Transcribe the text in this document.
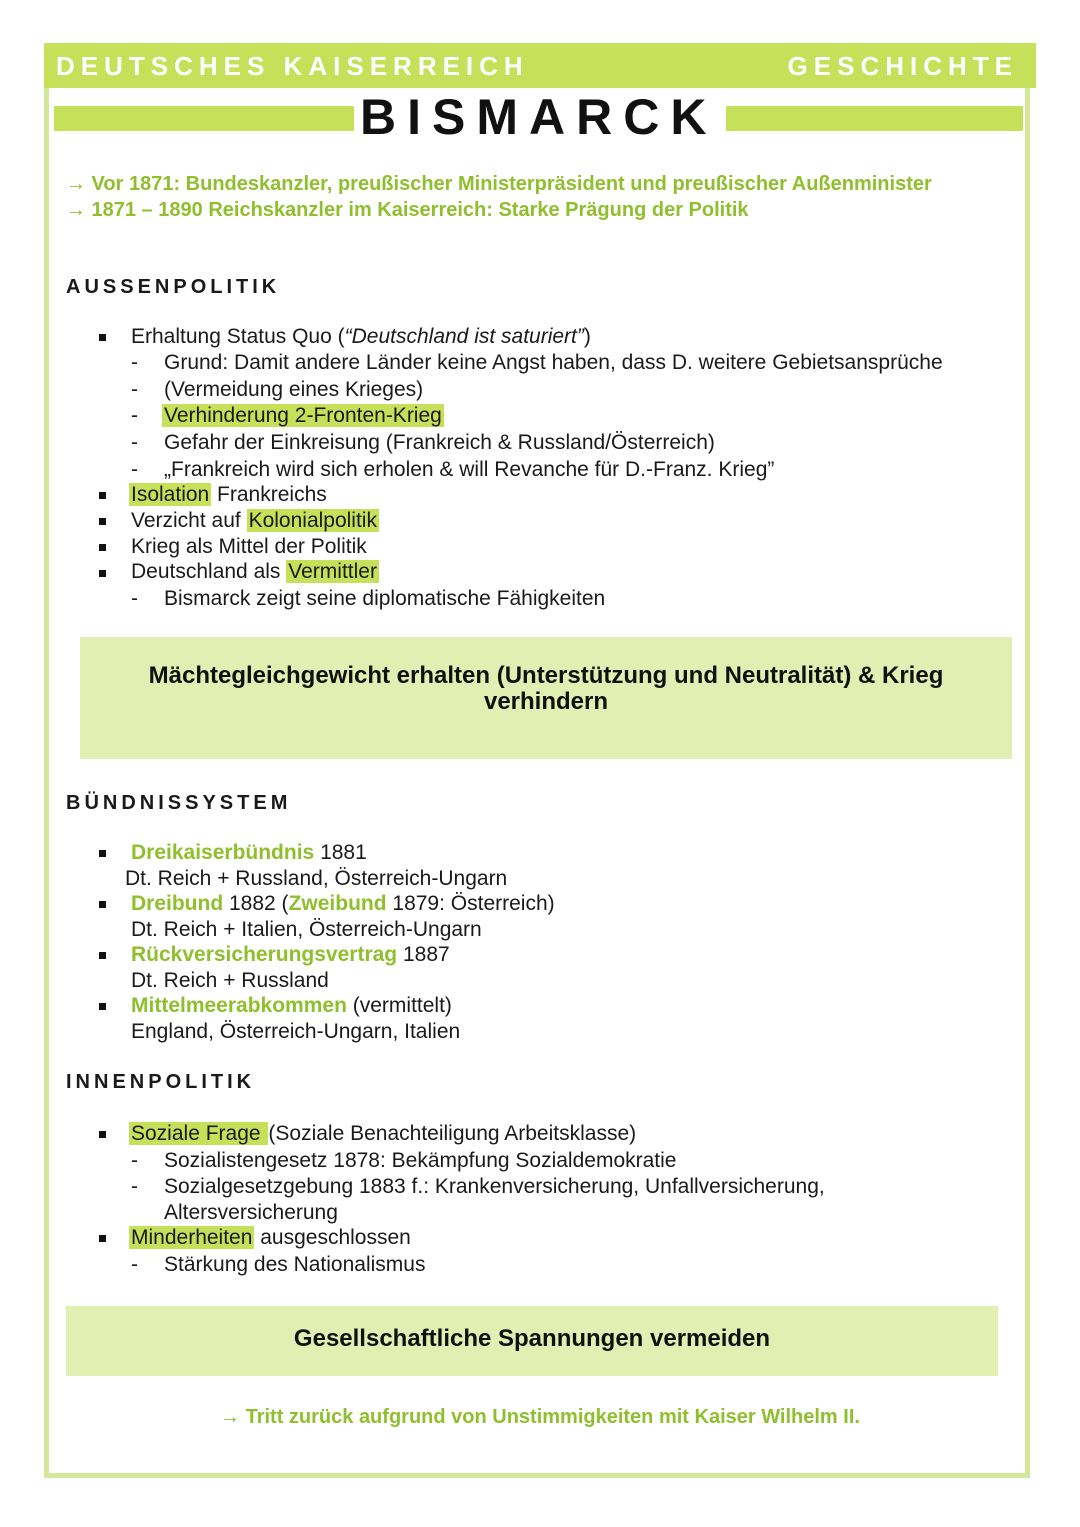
DEUTSCHES KAISERREICH	GESCHICHTE
BISMARCK
→ Vor 1871: Bundeskanzler, preußischer Ministerpräsident und preußischer Außenminister
→ 1871 – 1890 Reichskanzler im Kaiserreich: Starke Prägung der Politik
AUSSENPOLITIK
Erhaltung Status Quo (“Deutschland ist saturiert”)
- Grund: Damit andere Länder keine Angst haben, dass D. weitere Gebietsansprüche
- (Vermeidung eines Krieges)
- Verhinderung 2-Fronten-Krieg
- Gefahr der Einkreisung (Frankreich & Russland/Österreich)
- „Frankreich wird sich erholen & will Revanche für D.-Franz. Krieg”
Isolation Frankreichs
Verzicht auf Kolonialpolitik
Krieg als Mittel der Politik
Deutschland als Vermittler
- Bismarck zeigt seine diplomatische Fähigkeiten
Mächtegleichgewicht erhalten (Unterstützung und Neutralität) & Krieg
verhindern
BÜNDNISSYSTEM
Dreikaiserbündnis 1881
Dt. Reich + Russland, Österreich-Ungarn
Dreibund 1882 (Zweibund 1879: Österreich)
Dt. Reich + Italien, Österreich-Ungarn
Rückversicherungsvertrag 1887
Dt. Reich + Russland
Mittelmeerabkommen (vermittelt)
England, Österreich-Ungarn, Italien
INNENPOLITIK
Soziale Frage (Soziale Benachteiligung Arbeitsklasse)
- Sozialistengesetz 1878: Bekämpfung Sozialdemokratie
- Sozialgesetzgebung 1883 f.: Krankenversicherung, Unfallversicherung,
Altersversicherung
Minderheiten ausgeschlossen
- Stärkung des Nationalismus
Gesellschaftliche Spannungen vermeiden
→ Tritt zurück aufgrund von Unstimmigkeiten mit Kaiser Wilhelm II.
